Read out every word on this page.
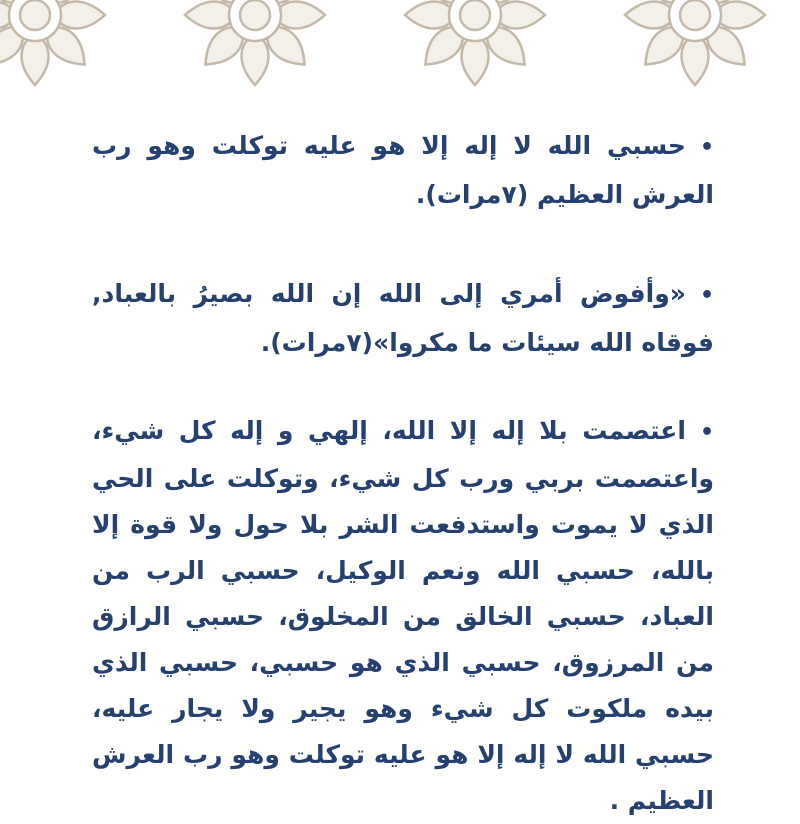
•حسبي الله لا إله إلا هو عليه توكلت وهو رب العرش العظيم (٧مرات).

•«وأفوض أمري إلى الله إن الله بصيرُ بالعباد, فوقاه الله سيئات ما مكروا»(٧مرات).

•اعتصمت بلا إله إلا الله، إلهي و إله كل شيء، واعتصمت بربي ورب كل شيء، وتوكلت على الحي الذي لا يموت واستدفعت الشر بلا حول ولا قوة إلا بالله، حسبي الله ونعم الوكيل، حسبي الرب من العباد، حسبي الخالق من المخلوق، حسبي الرازق من المرزوق، حسبي الذي هو حسبي، حسبي الذي بيده ملكوت كل شيء وهو يجير ولا يجار عليه، حسبي الله لا إله إلا هو عليه توكلت وهو رب العرش العظيم .
